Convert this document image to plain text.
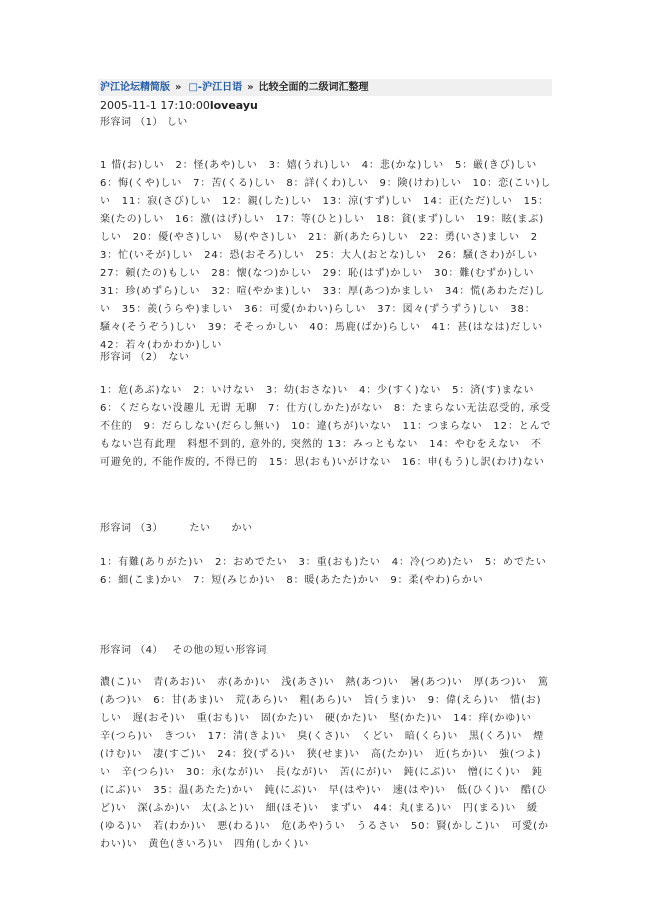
沪江论坛精简版 » □-沪江日语 » 比较全面的二级词汇整理
2005-11-1 17:10:00loveayu
形容词 （1） しい
1 惜(お)しい　2：怪(あや)しい　3：嬉(うれ)しい　4：悲(かな)しい　5：厳(きび)しい　6：悔(くや)しい　7：苦(くる)しい　8：詳(くわ)しい　9：険(けわ)しい　10：恋(こい)しい　11：寂(さび)しい　12：親(した)しい　13：涼(すず)しい　14：正(ただ)しい　15：楽(たの)しい　16：激(はげ)しい　17：等(ひと)しい　18：貧(まず)しい　19：眩(まぶ)しい　20：優(やさ)しい　易(やさ)しい　21：新(あたら)しい　22：勇(いさ)ましい　23：忙(いそが)しい　24：恐(おそろ)しい　25：大人(おとな)しい　26：騒(さわ)がしい　27：頼(たの)もしい　28：懐(なつ)かしい　29：恥(はず)かしい　30：難(むずか)しい　31：珍(めずら)しい　32：喧(やかま)しい　33：厚(あつ)かましい　34：慌(あわただ)しい　35：羨(うらや)ましい　36：可愛(かわい)らしい　37：図々(ずうずう)しい　38：騒々(そうぞう)しい　39：そそっかしい　40：馬鹿(ばか)らしい　41：甚(はなは)だしい　42：若々(わかわか)しい
形容词 （2）　ない
1：危(あぶ)ない　2：いけない　3：幼(おさな)い　4：少(すく)ない　5：済(す)まない　6：くだらない没趣儿 无谓 无聊　7：仕方(しかた)がない　8：たまらない无法忍受的, 承受不住的　9：だらしない(だらし無い)　10：違(ちが)いない　11：つまらない　12：とんでもない岂有此理　料想不到的, 意外的, 突然的 13：みっともない　14：やむをえない　不可避免的, 不能作废的, 不得已的　15：思(おも)いがけない　16：申(もう)し訳(わけ)ない
形容词 （3）　　　たい　　かい
1：有難(ありがた)い　2：おめでたい　3：重(おも)たい　4：冷(つめ)たい　5：めでたい　6：細(こま)かい　7：短(みじか)い　8：暖(あたた)かい　9：柔(やわ)らかい
形容词 （4）　 その他の短い形容词
濃(こ)い　青(あお)い　赤(あか)い　浅(あさ)い　熱(あつ)い　暑(あつ)い　厚(あつ)い　篤(あつ)い　6：甘(あま)い　荒(あら)い　粗(あら)い　旨(うま)い　9：偉(えら)い　惜(お)しい　遅(おそ)い　重(おも)い　固(かた)い　硬(かた)い　堅(かた)い　14：痒(かゆ)い　辛(つら)い　きつい　17：清(きよ)い　臭(くさ)い　くどい　暗(くら)い　黒(くろ)い　煙(けむ)い　凄(すご)い　24：狡(ずる)い　狭(せま)い　高(たか)い　近(ちか)い　強(つよ)い　辛(つら)い　30：永(なが)い　長(なが)い　苦(にが)い　鈍(にぶ)い　憎(にく)い　鈍(にぶ)い　35：温(あたた)かい　鈍(にぶ)い　早(はや)い　速(はや)い　低(ひく)い　酷(ひど)い　深(ふか)い　太(ふと)い　細(ほそ)い　まずい　44：丸(まる)い　円(まる)い　緩(ゆる)い　若(わか)い　悪(わる)い　危(あや)うい　うるさい　50：賢(かしこ)い　可愛(かわい)い　黄色(きいろ)い　四角(しかく)い
